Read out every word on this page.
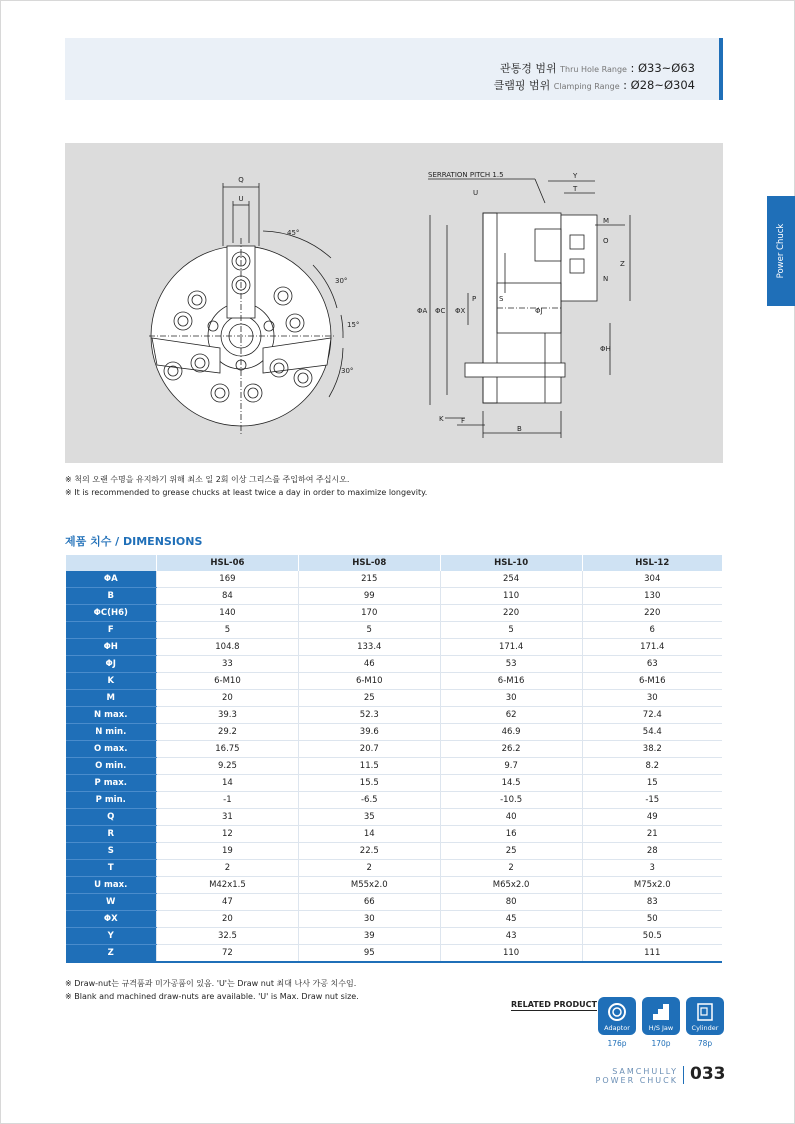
관통경 범위 Thru Hole Range : Ø33~Ø63
클램핑 범위 Clamping Range : Ø28~Ø304
Power Chuck
Q
U
45°
30°
15°
30°
SERRATION PITCH 1.5
U
Y
T
M
O
Z
N
ΦA ΦC ΦX
P	S
ΦJ
ΦH
K F
B
※ 척의 오랜 수명을 유지하기 위해 최소 일 2회 이상 그리스를 주입하여 주십시오.
※ It is recommended to grease chucks at least twice a day in order to maximize longevity.
제품 치수 / DIMENSIONS
	HSL-06	HSL-08	HSL-10	HSL-12
ΦA	169	215	254	304
B	84	99	110	130
ΦC(H6)	140	170	220	220
F	5	5	5	6
ΦH	104.8	133.4	171.4	171.4
ΦJ	33	46	53	63
K	6-M10	6-M10	6-M16	6-M16
M	20	25	30	30
N max.	39.3	52.3	62	72.4
N min.	29.2	39.6	46.9	54.4
O max.	16.75	20.7	26.2	38.2
O min.	9.25	11.5	9.7	8.2
P max.	14	15.5	14.5	15
P min.	-1	-6.5	-10.5	-15
Q	31	35	40	49
R	12	14	16	21
S	19	22.5	25	28
T	2	2	2	3
U max.	M42x1.5	M55x2.0	M65x2.0	M75x2.0
W	47	66	80	83
ΦX	20	30	45	50
Y	32.5	39	43	50.5
Z	72	95	110	111
※ Draw-nut는 규격품과 미가공품이 있음. 'U'는 Draw nut 최대 나사 가공 치수임.
※ Blank and machined draw-nuts are available. 'U' is Max. Draw nut size.
RELATED PRODUCT
Adaptor
176p
H/S Jaw
170p
Cylinder
78p
SAMCHULLY
POWER CHUCK 033
